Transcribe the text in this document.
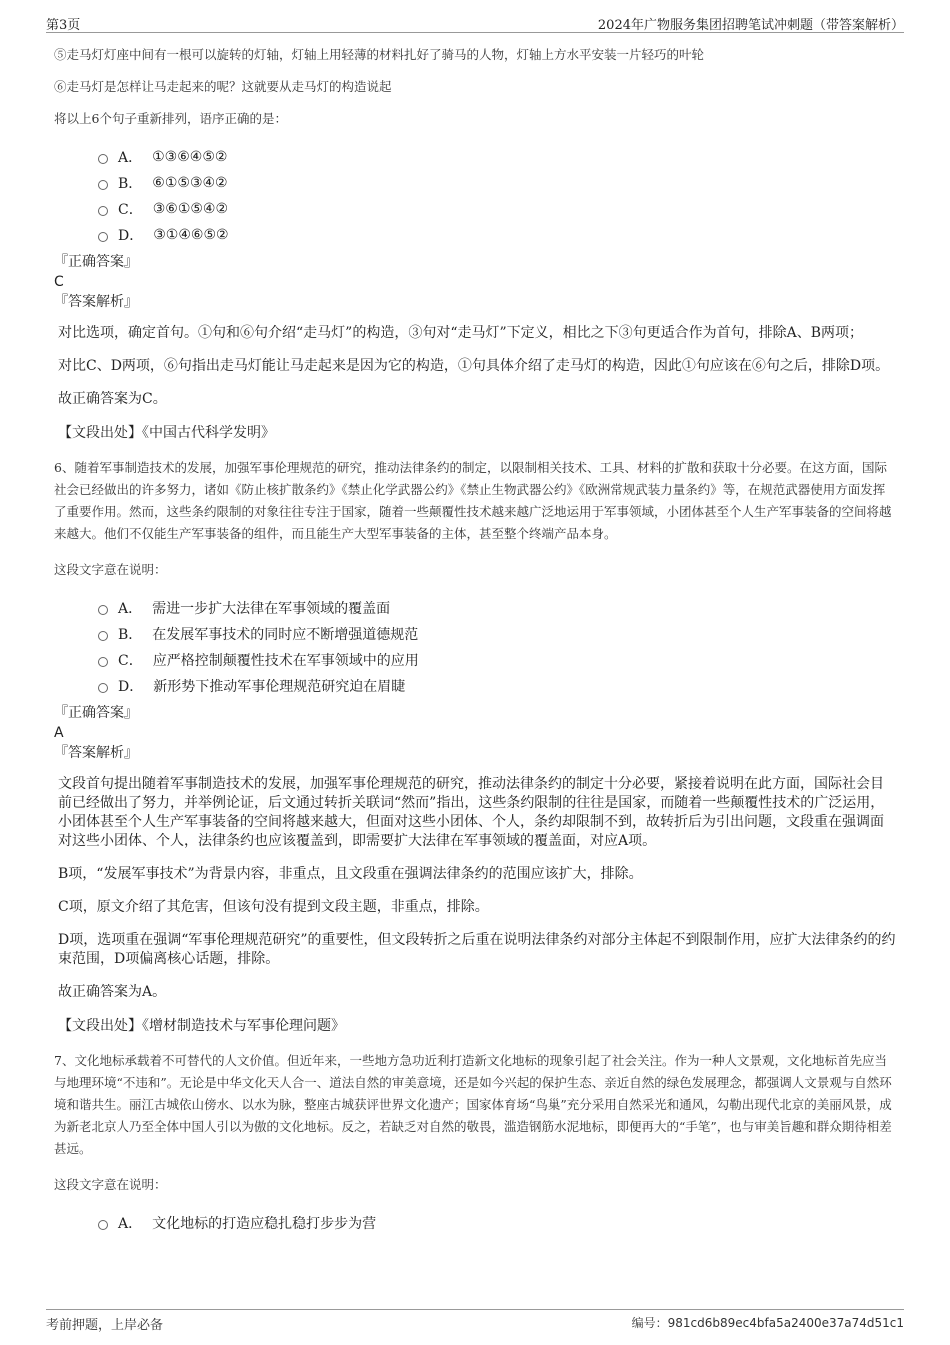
第3页	2024年广物服务集团招聘笔试冲刺题（带答案解析）

⑤走马灯灯座中间有一根可以旋转的灯轴，灯轴上用轻薄的材料扎好了骑马的人物，灯轴上方水平安装一片轻巧的叶轮

⑥走马灯是怎样让马走起来的呢？这就要从走马灯的构造说起

将以上6个句子重新排列，语序正确的是：

A． ①③⑥④⑤②
B． ⑥①⑤③④②
C． ③⑥①⑤④②
D． ③①④⑥⑤②
『正确答案』
C
『答案解析』

对比选项，确定首句。①句和⑥句介绍“走马灯”的构造，③句对“走马灯”下定义，相比之下③句更适合作为首句，排除A、B两项；

对比C、D两项，⑥句指出走马灯能让马走起来是因为它的构造，①句具体介绍了走马灯的构造，因此①句应该在⑥句之后，排除D项。

故正确答案为C。

【文段出处】《中国古代科学发明》

6、随着军事制造技术的发展，加强军事伦理规范的研究，推动法律条约的制定，以限制相关技术、工具、材料的扩散和获取十分必要。在这方面，国际社会已经做出的许多努力，诸如《防止核扩散条约》《禁止化学武器公约》《禁止生物武器公约》《欧洲常规武装力量条约》等，在规范武器使用方面发挥了重要作用。然而，这些条约限制的对象往往专注于国家，随着一些颠覆性技术越来越广泛地运用于军事领域，小团体甚至个人生产军事装备的空间将越来越大。他们不仅能生产军事装备的组件，而且能生产大型军事装备的主体，甚至整个终端产品本身。

这段文字意在说明：

A． 需进一步扩大法律在军事领域的覆盖面
B． 在发展军事技术的同时应不断增强道德规范
C． 应严格控制颠覆性技术在军事领域中的应用
D． 新形势下推动军事伦理规范研究迫在眉睫
『正确答案』
A
『答案解析』

文段首句提出随着军事制造技术的发展，加强军事伦理规范的研究，推动法律条约的制定十分必要，紧接着说明在此方面，国际社会目前已经做出了努力，并举例论证，后文通过转折关联词“然而”指出，这些条约限制的往往是国家，而随着一些颠覆性技术的广泛运用，小团体甚至个人生产军事装备的空间将越来越大，但面对这些小团体、个人，条约却限制不到，故转折后为引出问题，文段重在强调面对这些小团体、个人，法律条约也应该覆盖到，即需要扩大法律在军事领域的覆盖面，对应A项。

B项，“发展军事技术”为背景内容，非重点，且文段重在强调法律条约的范围应该扩大，排除。

C项，原文介绍了其危害，但该句没有提到文段主题，非重点，排除。

D项，选项重在强调“军事伦理规范研究”的重要性，但文段转折之后重在说明法律条约对部分主体起不到限制作用，应扩大法律条约的约束范围，D项偏离核心话题，排除。

故正确答案为A。

【文段出处】《增材制造技术与军事伦理问题》

7、文化地标承载着不可替代的人文价值。但近年来，一些地方急功近利打造新文化地标的现象引起了社会关注。作为一种人文景观，文化地标首先应当与地理环境“不违和”。无论是中华文化天人合一、道法自然的审美意境，还是如今兴起的保护生态、亲近自然的绿色发展理念，都强调人文景观与自然环境和谐共生。丽江古城依山傍水、以水为脉，整座古城获评世界文化遗产；国家体育场“鸟巢”充分采用自然采光和通风，勾勒出现代北京的美丽风景，成为新老北京人乃至全体中国人引以为傲的文化地标。反之，若缺乏对自然的敬畏，滥造钢筋水泥地标，即便再大的“手笔”，也与审美旨趣和群众期待相差甚远。

这段文字意在说明：

A． 文化地标的打造应稳扎稳打步步为营
考前押题，上岸必备	编号：981cd6b89ec4bfa5a2400e37a74d51c1
